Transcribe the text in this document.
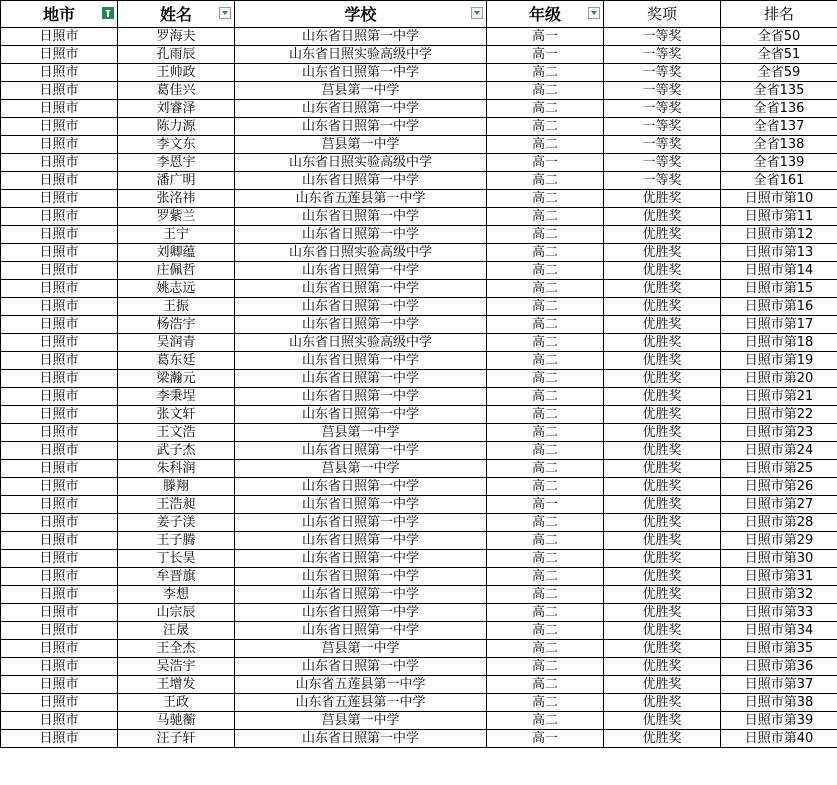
地市	姓名	学校	年级	奖项	排名
日照市	罗海夫	山东省日照第一中学	高一	一等奖	全省50
日照市	孔雨辰	山东省日照实验高级中学	高一	一等奖	全省51
日照市	王帅政	山东省日照第一中学	高二	一等奖	全省59
日照市	葛佳兴	莒县第一中学	高二	一等奖	全省135
日照市	刘睿泽	山东省日照第一中学	高二	一等奖	全省136
日照市	陈力源	山东省日照第一中学	高二	一等奖	全省137
日照市	李文东	莒县第一中学	高二	一等奖	全省138
日照市	李恩宇	山东省日照实验高级中学	高一	一等奖	全省139
日照市	潘广明	山东省日照第一中学	高二	一等奖	全省161
日照市	张洺祎	山东省五莲县第一中学	高二	优胜奖	日照市第10
日照市	罗紫兰	山东省日照第一中学	高二	优胜奖	日照市第11
日照市	王宁	山东省日照第一中学	高二	优胜奖	日照市第12
日照市	刘卿蕴	山东省日照实验高级中学	高二	优胜奖	日照市第13
日照市	庄佩哲	山东省日照第一中学	高二	优胜奖	日照市第14
日照市	姚志远	山东省日照第一中学	高二	优胜奖	日照市第15
日照市	王振	山东省日照第一中学	高二	优胜奖	日照市第16
日照市	杨浩宇	山东省日照第一中学	高二	优胜奖	日照市第17
日照市	吴润青	山东省日照实验高级中学	高二	优胜奖	日照市第18
日照市	葛东廷	山东省日照第一中学	高二	优胜奖	日照市第19
日照市	梁瀚元	山东省日照第一中学	高二	优胜奖	日照市第20
日照市	李秉埕	山东省日照第一中学	高二	优胜奖	日照市第21
日照市	张文轩	山东省日照第一中学	高二	优胜奖	日照市第22
日照市	王文浩	莒县第一中学	高二	优胜奖	日照市第23
日照市	武子杰	山东省日照第一中学	高二	优胜奖	日照市第24
日照市	朱科润	莒县第一中学	高二	优胜奖	日照市第25
日照市	滕翔	山东省日照第一中学	高二	优胜奖	日照市第26
日照市	王浩昶	山东省日照第一中学	高一	优胜奖	日照市第27
日照市	姜子渼	山东省日照第一中学	高二	优胜奖	日照市第28
日照市	王子腾	山东省日照第一中学	高二	优胜奖	日照市第29
日照市	丁长昊	山东省日照第一中学	高二	优胜奖	日照市第30
日照市	牟晋旗	山东省日照第一中学	高二	优胜奖	日照市第31
日照市	李想	山东省日照第一中学	高二	优胜奖	日照市第32
日照市	山宗辰	山东省日照第一中学	高二	优胜奖	日照市第33
日照市	汪晟	山东省日照第一中学	高二	优胜奖	日照市第34
日照市	王全杰	莒县第一中学	高二	优胜奖	日照市第35
日照市	吴浩宇	山东省日照第一中学	高二	优胜奖	日照市第36
日照市	王增发	山东省五莲县第一中学	高二	优胜奖	日照市第37
日照市	王政	山东省五莲县第一中学	高二	优胜奖	日照市第38
日照市	马驰蘅	莒县第一中学	高二	优胜奖	日照市第39
日照市	汪子轩	山东省日照第一中学	高一	优胜奖	日照市第40
